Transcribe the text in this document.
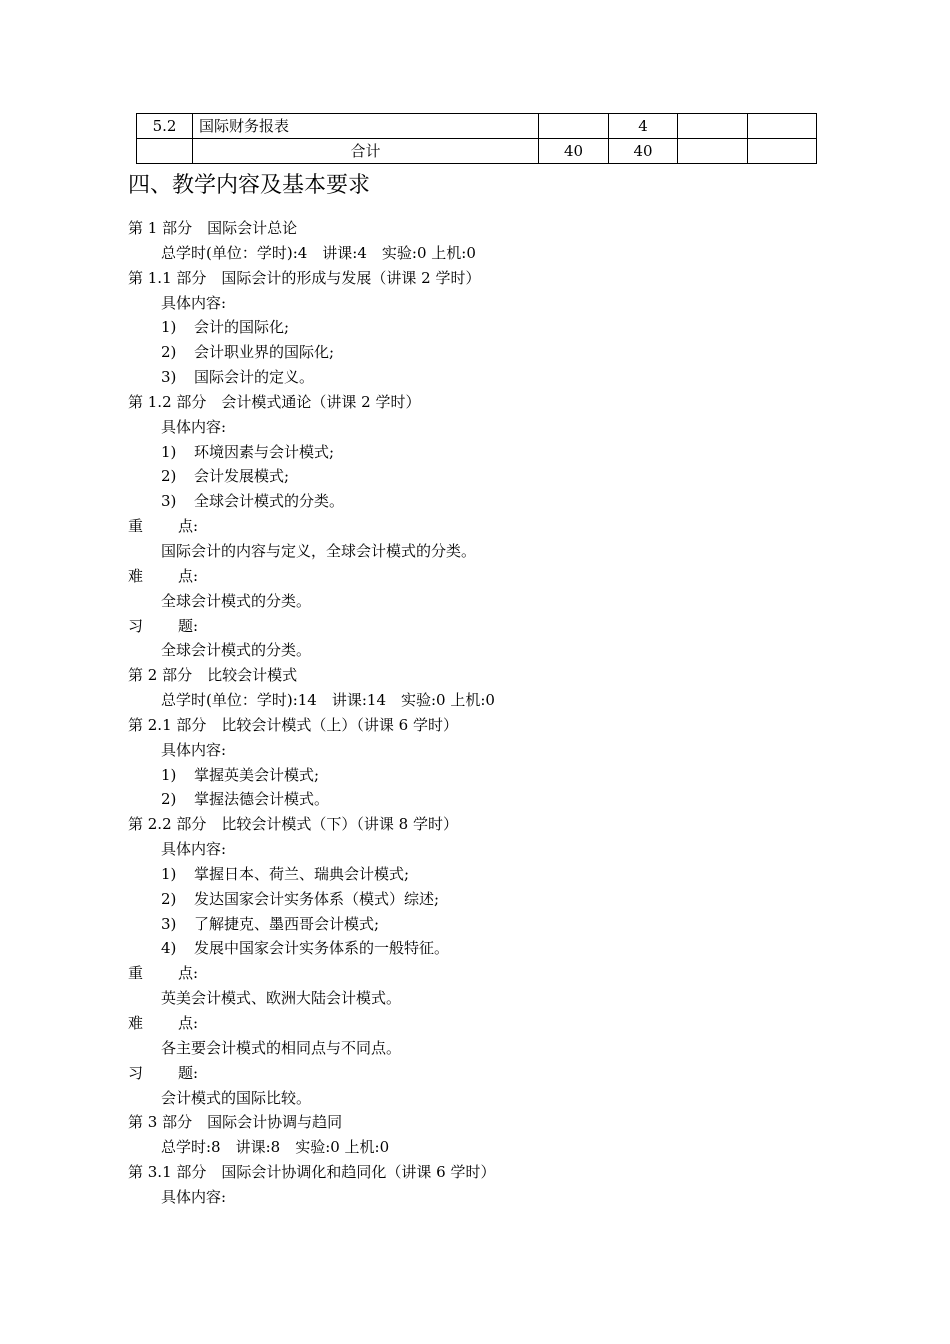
5.2	国际财务报表		4		
	合计	40	40		
四、教学内容及基本要求
第 1 部分　国际会计总论
总学时(单位：学时):4　讲课:4　实验:0 上机:0
第 1.1 部分　国际会计的形成与发展（讲课 2 学时）
具体内容:
1) 会计的国际化;
2) 会计职业界的国际化;
3) 国际会计的定义。
第 1.2 部分　会计模式通论（讲课 2 学时）
具体内容:
1) 环境因素与会计模式;
2) 会计发展模式;
3) 全球会计模式的分类。
重 点:
国际会计的内容与定义，全球会计模式的分类。
难 点:
全球会计模式的分类。
习 题:
全球会计模式的分类。
第 2 部分　比较会计模式
总学时(单位：学时):14　讲课:14　实验:0 上机:0
第 2.1 部分　比较会计模式（上）（讲课 6 学时）
具体内容:
1) 掌握英美会计模式;
2) 掌握法德会计模式。
第 2.2 部分　比较会计模式（下）（讲课 8 学时）
具体内容:
1) 掌握日本、荷兰、瑞典会计模式;
2) 发达国家会计实务体系（模式）综述;
3) 了解捷克、墨西哥会计模式;
4) 发展中国家会计实务体系的一般特征。
重 点:
英美会计模式、欧洲大陆会计模式。
难 点:
各主要会计模式的相同点与不同点。
习 题:
会计模式的国际比较。
第 3 部分　国际会计协调与趋同
总学时:8　讲课:8　实验:0 上机:0
第 3.1 部分　国际会计协调化和趋同化（讲课 6 学时）
具体内容:
